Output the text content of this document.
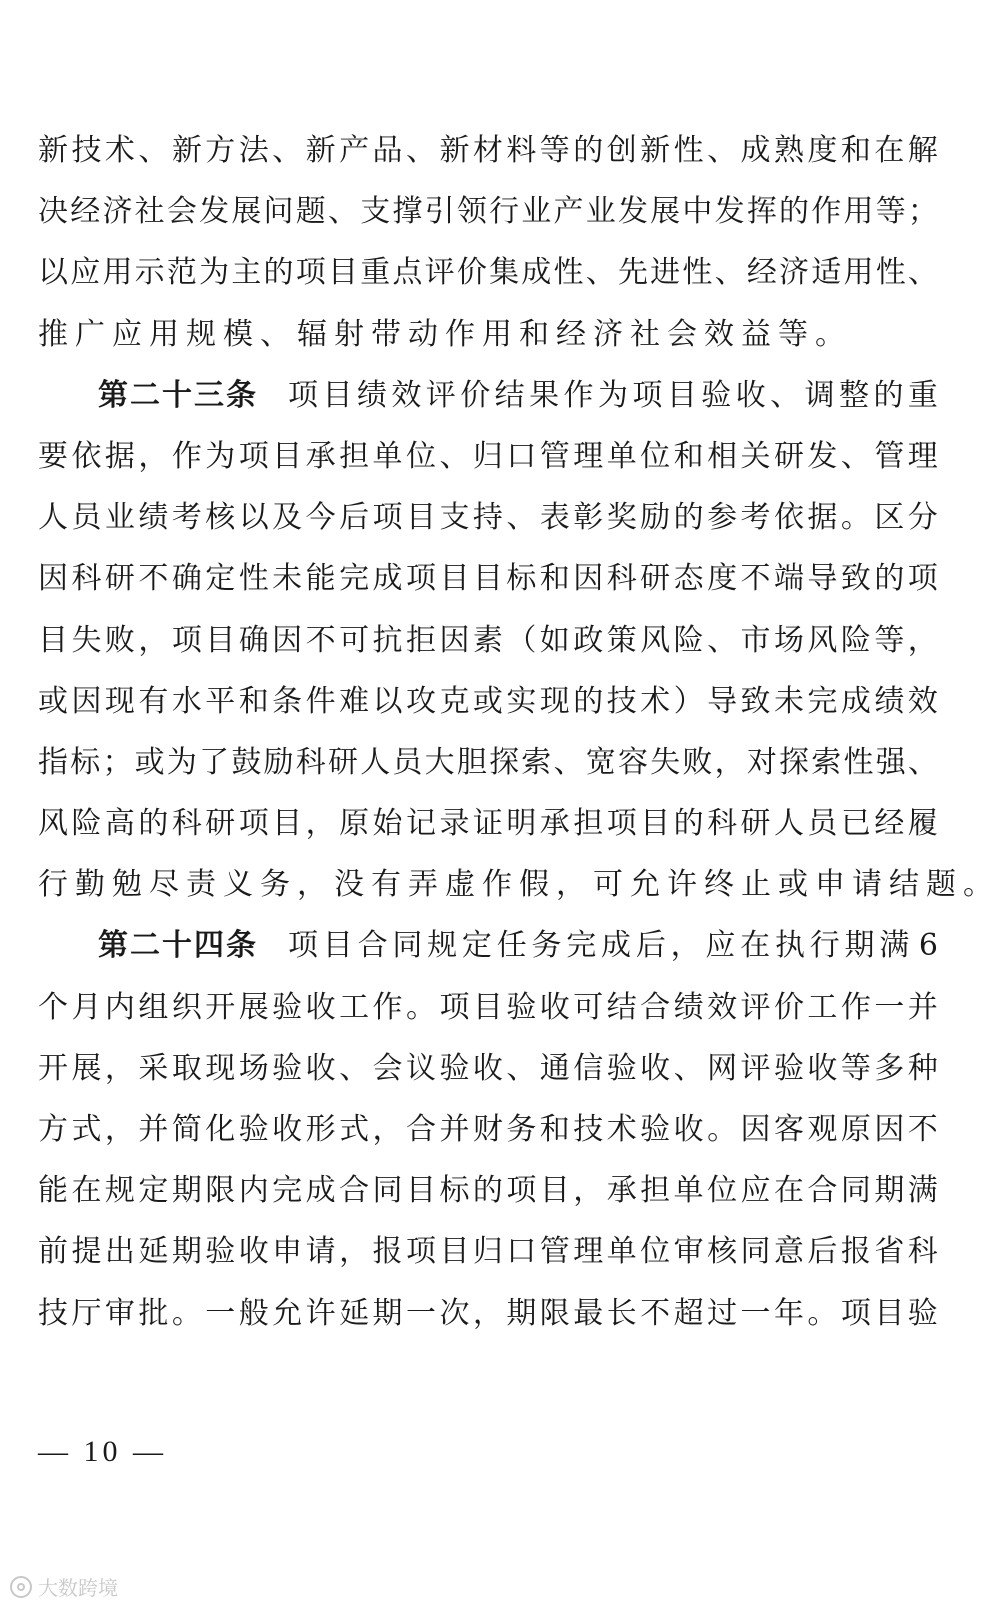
新 技 术 、 新 方 法 、 新 产 品 、 新 材 料 等 的 创 新 性 、 成 熟 度 和 在 解
决 经 济 社 会 发 展 问 题 、 支 撑 引 领 行 业 产 业 发 展 中 发 挥 的 作 用 等 ；
以 应 用 示 范 为 主 的 项 目 重 点 评 价 集 成 性 、 先 进 性 、 经 济 适 用 性 、
推广应用规模、辐射带动作用和经济社会效益等。
第二十三条 项 目 绩 效 评 价 结 果 作 为 项 目 验 收 、 调 整 的 重
要 依 据 ， 作 为 项 目 承 担 单 位 、 归 口 管 理 单 位 和 相 关 研 发 、 管 理
人 员 业 绩 考 核 以 及 今 后 项 目 支 持 、 表 彰 奖 励 的 参 考 依 据 。 区 分
因 科 研 不 确 定 性 未 能 完 成 项 目 目 标 和 因 科 研 态 度 不 端 导 致 的 项
目 失 败 ， 项 目 确 因 不 可 抗 拒 因 素 （ 如 政 策 风 险 、 市 场 风 险 等 ，
或 因 现 有 水 平 和 条 件 难 以 攻 克 或 实 现 的 技 术 ） 导 致 未 完 成 绩 效
指 标 ； 或 为 了 鼓 励 科 研 人 员 大 胆 探 索 、 宽 容 失 败 ， 对 探 索 性 强 、
风 险 高 的 科 研 项 目 ， 原 始 记 录 证 明 承 担 项 目 的 科 研 人 员 已 经 履
行勤勉尽责义务，没有弄虚作假，可允许终止或申请结题。
第二十四条 项 目 合 同 规 定 任 务 完 成 后 ， 应 在 执 行 期 满 6
个 月 内 组 织 开 展 验 收 工 作 。 项 目 验 收 可 结 合 绩 效 评 价 工 作 一 并
开 展 ， 采 取 现 场 验 收 、 会 议 验 收 、 通 信 验 收 、 网 评 验 收 等 多 种
方 式 ， 并 简 化 验 收 形 式 ， 合 并 财 务 和 技 术 验 收 。 因 客 观 原 因 不
能 在 规 定 期 限 内 完 成 合 同 目 标 的 项 目 ， 承 担 单 位 应 在 合 同 期 满
前 提 出 延 期 验 收 申 请 ， 报 项 目 归 口 管 理 单 位 审 核 同 意 后 报 省 科
技 厅 审 批 。 一 般 允 许 延 期 一 次 ， 期 限 最 长 不 超 过 一 年 。 项 目 验
— 10 —
大数跨境
